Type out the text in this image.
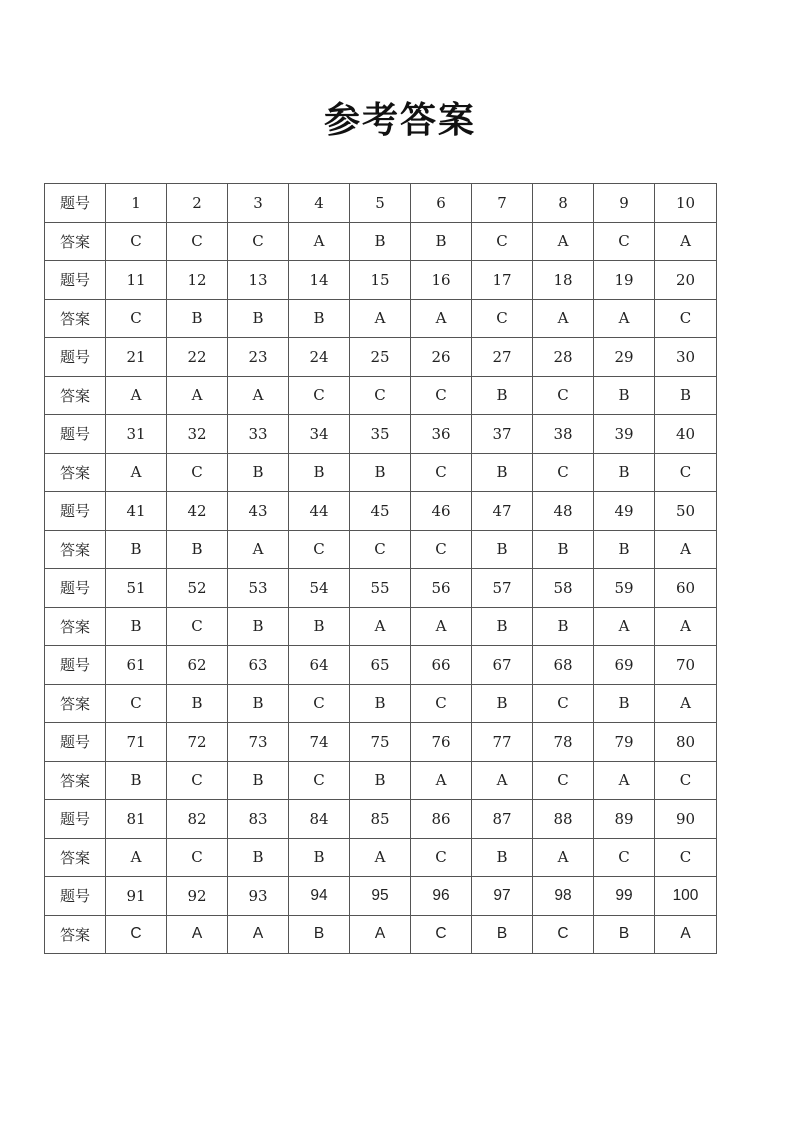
参考答案
题号	1	2	3	4	5	6	7	8	9	10
答案	C	C	C	A	B	B	C	A	C	A
题号	11	12	13	14	15	16	17	18	19	20
答案	C	B	B	B	A	A	C	A	A	C
题号	21	22	23	24	25	26	27	28	29	30
答案	A	A	A	C	C	C	B	C	B	B
题号	31	32	33	34	35	36	37	38	39	40
答案	A	C	B	B	B	C	B	C	B	C
题号	41	42	43	44	45	46	47	48	49	50
答案	B	B	A	C	C	C	B	B	B	A
题号	51	52	53	54	55	56	57	58	59	60
答案	B	C	B	B	A	A	B	B	A	A
题号	61	62	63	64	65	66	67	68	69	70
答案	C	B	B	C	B	C	B	C	B	A
题号	71	72	73	74	75	76	77	78	79	80
答案	B	C	B	C	B	A	A	C	A	C
题号	81	82	83	84	85	86	87	88	89	90
答案	A	C	B	B	A	C	B	A	C	C
题号	91	92	93	94	95	96	97	98	99	100
答案	C	A	A	B	A	C	B	C	B	A
